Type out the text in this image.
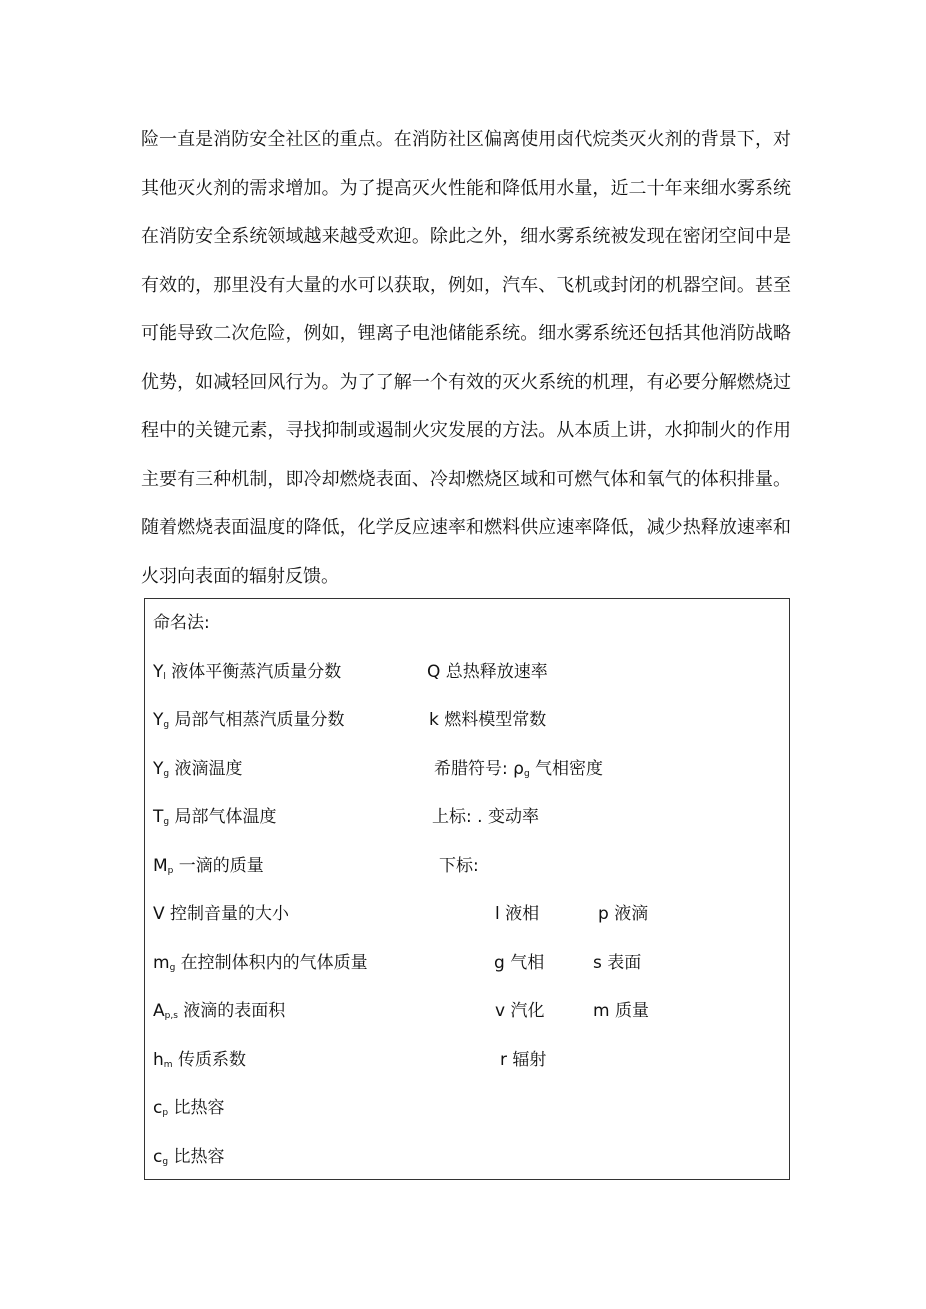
险一直是消防安全社区的重点。在消防社区偏离使用卤代烷类灭火剂的背景下，对其他灭火剂的需求增加。为了提高灭火性能和降低用水量，近二十年来细水雾系统在消防安全系统领域越来越受欢迎。除此之外，细水雾系统被发现在密闭空间中是有效的，那里没有大量的水可以获取，例如，汽车、飞机或封闭的机器空间。甚至可能导致二次危险，例如，锂离子电池储能系统。细水雾系统还包括其他消防战略优势，如减轻回风行为。为了了解一个有效的灭火系统的机理，有必要分解燃烧过程中的关键元素，寻找抑制或遏制火灾发展的方法。从本质上讲，水抑制火的作用主要有三种机制，即冷却燃烧表面、冷却燃烧区域和可燃气体和氧气的体积排量。随着燃烧表面温度的降低，化学反应速率和燃料供应速率降低，减少热释放速率和火羽向表面的辐射反馈。

命名法:
$Y_l$ 液体平衡蒸汽质量分数	Q 总热释放速率
$Y_g$ 局部气相蒸汽质量分数	k 燃料模型常数
$Y_g$ 液滴温度	希腊符号: $\rho_g$ 气相密度
$T_g$ 局部气体温度	上标: . 变动率
$M_p$ 一滴的质量	下标:
V 控制音量的大小	l 液相	p 液滴
$m_g$ 在控制体积内的气体质量	g 气相	s 表面
$A_{p,s}$ 液滴的表面积	v 汽化	m 质量
$h_m$ 传质系数	r 辐射
$c_p$ 比热容
$c_g$ 比热容
